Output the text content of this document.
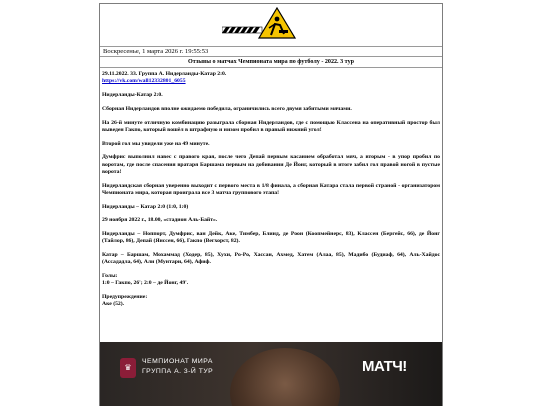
Воскресенье, 1 марта 2026 г. 19:55:53
Отзывы о матчах Чемпионата мира по футболу - 2022. 3 тур

29.11.2022. 33. Группа А. Нидерланды-Катар 2:0.
https://vk.com/wall12332801_6055

Нидерланды-Катар 2:0.

Сборная Нидерландов вполне ожидаемо победила, ограничились всего двумя забитыми мячами.

На 26-й минуте отличную комбинацию разыграла сборная Нидерландов, где с помощью Классена на оперативный простор был выведен Гакпо, который вошёл в штрафную и низом пробил в правый нижний угол!

Второй гол мы увидели уже на 49 минуте.

Думфрис выполнил навес с правого края, после чего Депай первым касанием обработал мяч, а вторым - в упор пробил по воротам, где после спасения вратаря Баршама первым на добивании Де Йонг, который в итоге забил гол правой ногой в пустые ворота!

Нидерландская сборная уверенно выходит с первого места в 1/8 финала, а сборная Катара стала первой страной - организатором Чемпионата мира, которая проиграла все 3 матча группового этапа!

Нидерланды – Катар 2:0 (1:0, 1:0)

29 ноября 2022 г., 18.00, «стадион Аль-Байт».

Нидерланды – Ноппорт, Думфрис, ван Дейк, Аке, Тимбер, Блинд, де Роон (Коопмейнерс, 83), Классен (Бергейс, 66), де Йонг (Тайлор, 86), Депай (Янссен, 66), Гакпо (Вегхорст, 82).

Катар – Баршам, Мохаммад (Ходер, 85), Хухи, Ро-Ро, Хассан, Ахмед, Хатем (Алаа, 85), Мадибо (Будиаф, 64), Аль-Хайдос (Ассададла, 64), Али (Мунтари, 64), Афиф.

Голы:
1:0 – Гакпо, 26'; 2:0 – де Йонг, 49'.

Предупреждение:
Аке (52).

♛
ЧЕМПИОНАТ МИРА
ГРУППА А. 3-Й ТУР	МАТЧ!
